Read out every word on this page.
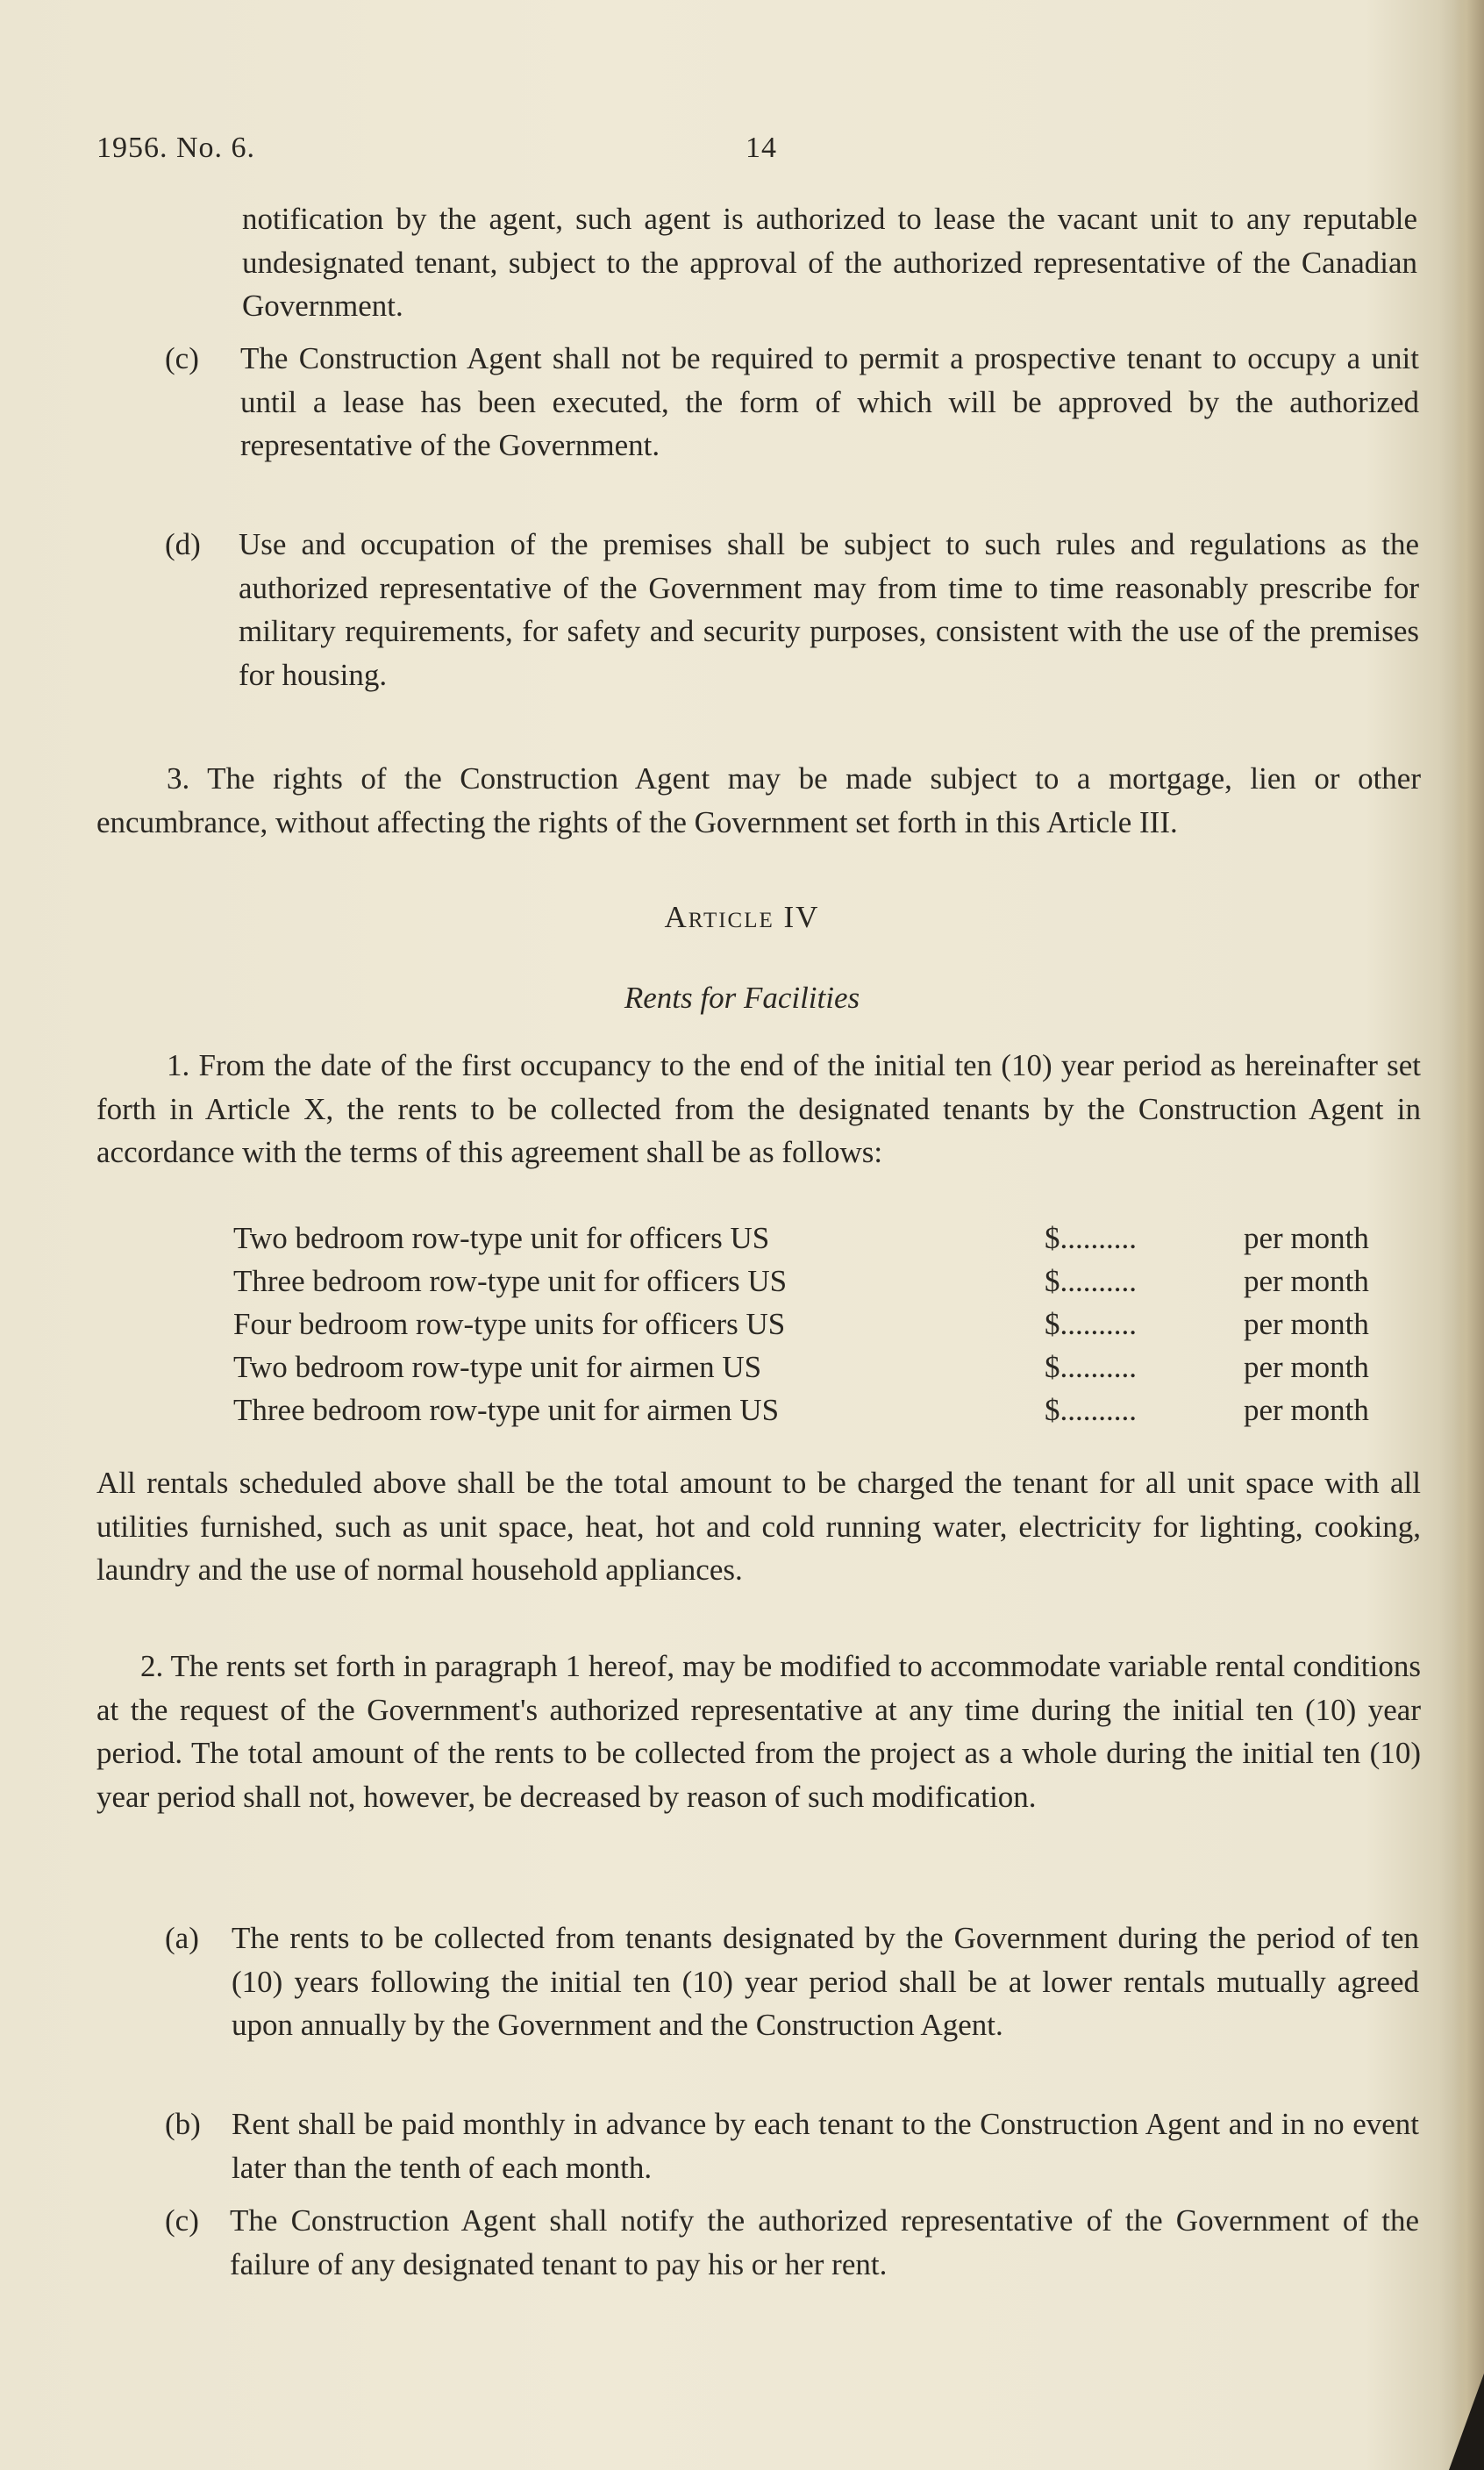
1956. No. 6.	14

notification by the agent, such agent is authorized to lease the vacant unit to any reputable undesignated tenant, subject to the approval of the authorized representative of the Canadian Government.

(c) The Construction Agent shall not be required to permit a prospective tenant to occupy a unit until a lease has been executed, the form of which will be approved by the authorized representative of the Government.

(d) Use and occupation of the premises shall be subject to such rules and regulations as the authorized representative of the Government may from time to time reasonably prescribe for military requirements, for safety and security purposes, consistent with the use of the premises for housing.

3. The rights of the Construction Agent may be made subject to a mortgage, lien or other encumbrance, without affecting the rights of the Government set forth in this Article III.

Article IV
Rents for Facilities

1. From the date of the first occupancy to the end of the initial ten (10) year period as hereinafter set forth in Article X, the rents to be collected from the designated tenants by the Construction Agent in accordance with the terms of this agreement shall be as follows:

Two bedroom row-type unit for officers US	$..........	per month
Three bedroom row-type unit for officers US	$..........	per month
Four bedroom row-type units for officers US	$..........	per month
Two bedroom row-type unit for airmen US	$..........	per month
Three bedroom row-type unit for airmen US	$..........	per month

All rentals scheduled above shall be the total amount to be charged the tenant for all unit space with all utilities furnished, such as unit space, heat, hot and cold running water, electricity for lighting, cooking, laundry and the use of normal household appliances.

2. The rents set forth in paragraph 1 hereof, may be modified to accommodate variable rental conditions at the request of the Government's authorized representative at any time during the initial ten (10) year period. The total amount of the rents to be collected from the project as a whole during the initial ten (10) year period shall not, however, be decreased by reason of such modification.

(a) The rents to be collected from tenants designated by the Government during the period of ten (10) years following the initial ten (10) year period shall be at lower rentals mutually agreed upon annually by the Government and the Construction Agent.

(b) Rent shall be paid monthly in advance by each tenant to the Construction Agent and in no event later than the tenth of each month.

(c) The Construction Agent shall notify the authorized representative of the Government of the failure of any designated tenant to pay his or her rent.
